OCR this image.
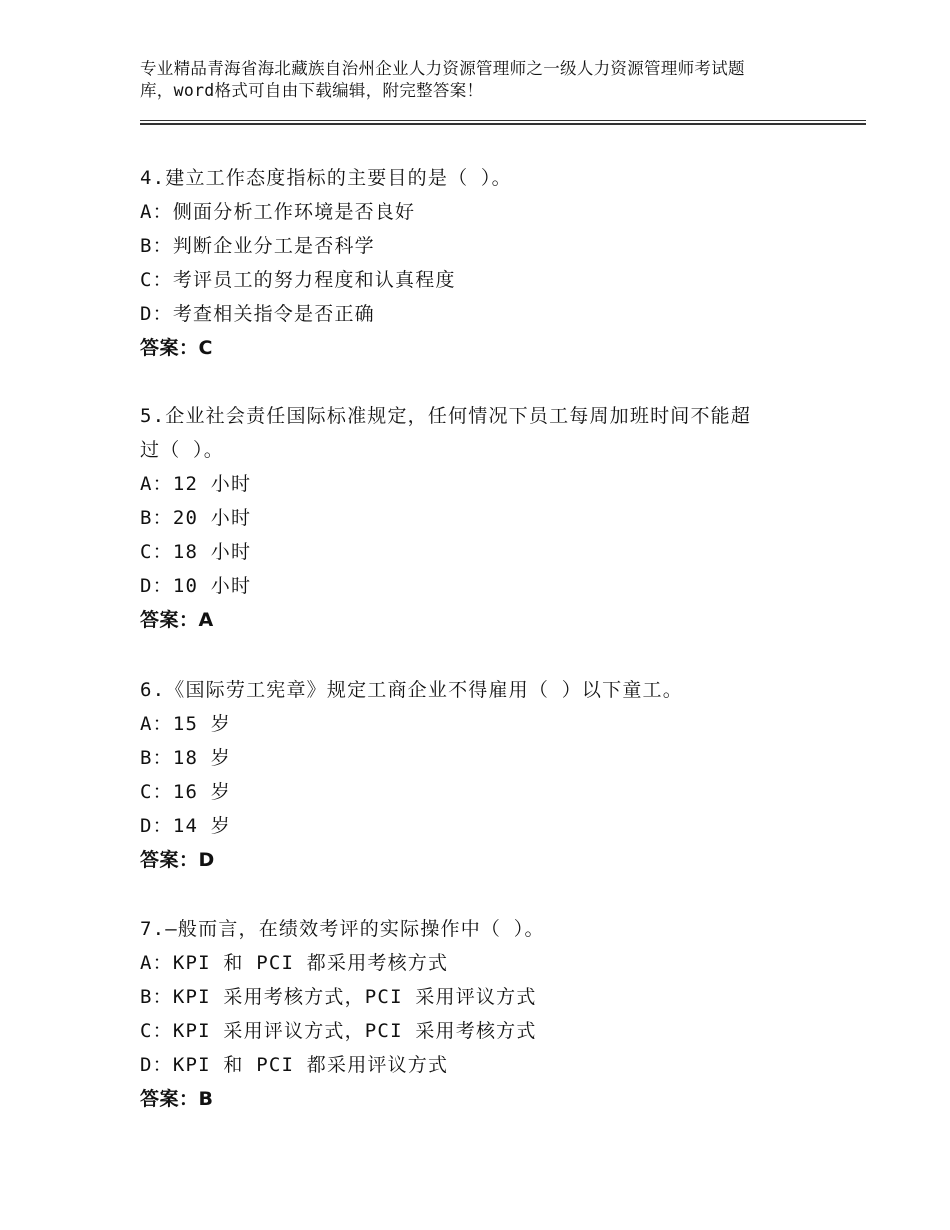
专业精品青海省海北藏族自治州企业人力资源管理师之一级人力资源管理师考试题
库，word格式可自由下载编辑，附完整答案！
4.建立工作态度指标的主要目的是（ ）。
A：侧面分析工作环境是否良好
B：判断企业分工是否科学
C：考评员工的努力程度和认真程度
D：考查相关指令是否正确
答案：C
5.企业社会责任国际标准规定，任何情况下员工每周加班时间不能超
过（ ）。
A：12 小时
B：20 小时
C：18 小时
D：10 小时
答案：A
6.《国际劳工宪章》规定工商企业不得雇用（ ）以下童工。
A：15 岁
B：18 岁
C：16 岁
D：14 岁
答案：D
7.—般而言，在绩效考评的实际操作中（ ）。
A：KPI 和 PCI 都采用考核方式
B：KPI 采用考核方式，PCI 采用评议方式
C：KPI 采用评议方式，PCI 采用考核方式
D：KPI 和 PCI 都采用评议方式
答案：B
